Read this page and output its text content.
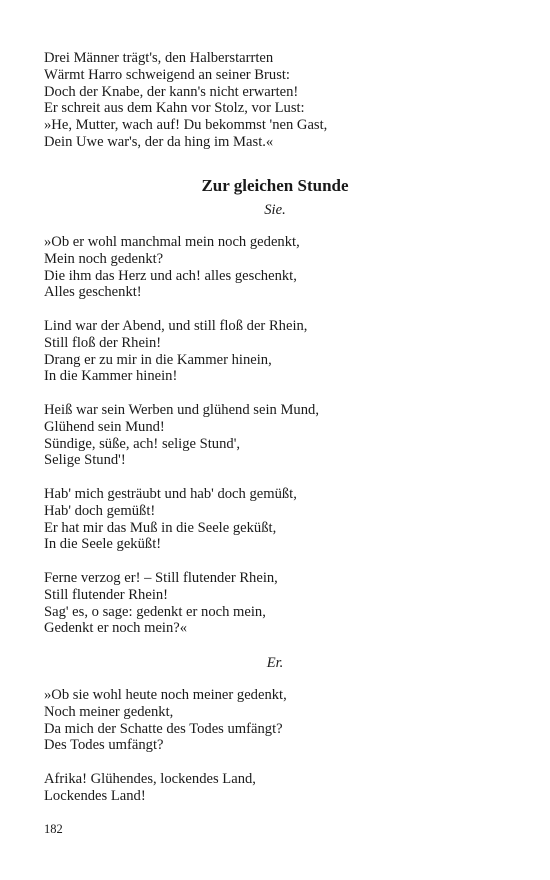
Drei Männer trägt's, den Halberstarrten
Wärmt Harro schweigend an seiner Brust:
Doch der Knabe, der kann's nicht erwarten!
Er schreit aus dem Kahn vor Stolz, vor Lust:
»He, Mutter, wach auf! Du bekommst 'nen Gast,
Dein Uwe war's, der da hing im Mast.«
Zur gleichen Stunde
Sie.
»Ob er wohl manchmal mein noch gedenkt,
Mein noch gedenkt?
Die ihm das Herz und ach! alles geschenkt,
Alles geschenkt!
Lind war der Abend, und still floß der Rhein,
Still floß der Rhein!
Drang er zu mir in die Kammer hinein,
In die Kammer hinein!
Heiß war sein Werben und glühend sein Mund,
Glühend sein Mund!
Sündige, süße, ach! selige Stund',
Selige Stund'!
Hab' mich gesträubt und hab' doch gemüßt,
Hab' doch gemüßt!
Er hat mir das Muß in die Seele geküßt,
In die Seele geküßt!
Ferne verzog er! – Still flutender Rhein,
Still flutender Rhein!
Sag' es, o sage: gedenkt er noch mein,
Gedenkt er noch mein?«
Er.
»Ob sie wohl heute noch meiner gedenkt,
Noch meiner gedenkt,
Da mich der Schatte des Todes umfängt?
Des Todes umfängt?
Afrika! Glühendes, lockendes Land,
Lockendes Land!
182
